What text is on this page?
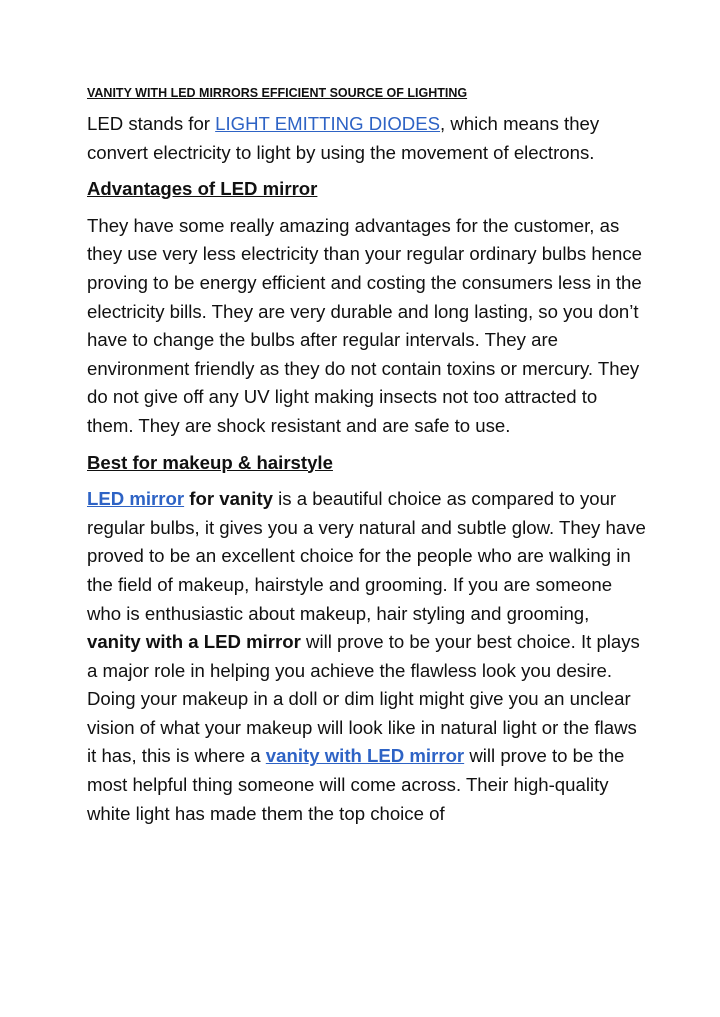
VANITY WITH LED MIRRORS EFFICIENT SOURCE OF LIGHTING

LED stands for LIGHT EMITTING DIODES, which means they convert electricity to light by using the movement of electrons.

Advantages of LED mirror

They have some really amazing advantages for the customer, as they use very less electricity than your regular ordinary bulbs hence proving to be energy efficient and costing the consumers less in the electricity bills. They are very durable and long lasting, so you don’t have to change the bulbs after regular intervals. They are environment friendly as they do not contain toxins or mercury. They do not give off any UV light making insects not too attracted to them. They are shock resistant and are safe to use.

Best for makeup & hairstyle

LED mirror for vanity is a beautiful choice as compared to your regular bulbs, it gives you a very natural and subtle glow. They have proved to be an excellent choice for the people who are walking in the field of makeup, hairstyle and grooming. If you are someone who is enthusiastic about makeup, hair styling and grooming, vanity with a LED mirror will prove to be your best choice. It plays a major role in helping you achieve the flawless look you desire. Doing your makeup in a doll or dim light might give you an unclear vision of what your makeup will look like in natural light or the flaws it has, this is where a vanity with LED mirror will prove to be the most helpful thing someone will come across. Their high-quality white light has made them the top choice of
